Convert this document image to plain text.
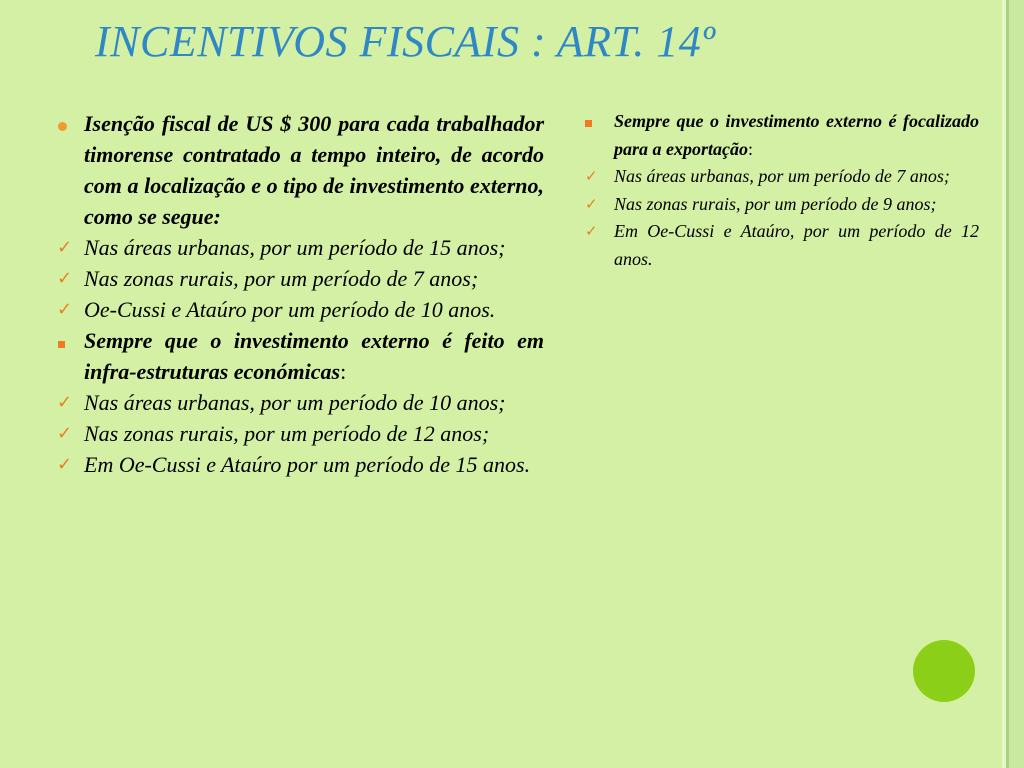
INCENTIVOS FISCAIS : ART. 14º
Isenção fiscal de US $ 300 para cada trabalhador timorense contratado a tempo inteiro, de acordo com a localização e o tipo de investimento externo, como se segue:
✓ Nas áreas urbanas, por um período de 15 anos;
✓ Nas zonas rurais, por um período de 7 anos;
✓ Oe-Cussi e Ataúro por um período de 10 anos.
Sempre que o investimento externo é feito em infra-estruturas económicas:
✓ Nas áreas urbanas, por um período de 10 anos;
✓ Nas zonas rurais, por um período de 12 anos;
✓ Em Oe-Cussi e Ataúro por um período de 15 anos.
Sempre que o investimento externo é focalizado para a exportação:
✓ Nas áreas urbanas, por um período de 7 anos;
✓ Nas zonas rurais, por um período de 9 anos;
✓ Em Oe-Cussi e Ataúro, por um período de 12 anos.
